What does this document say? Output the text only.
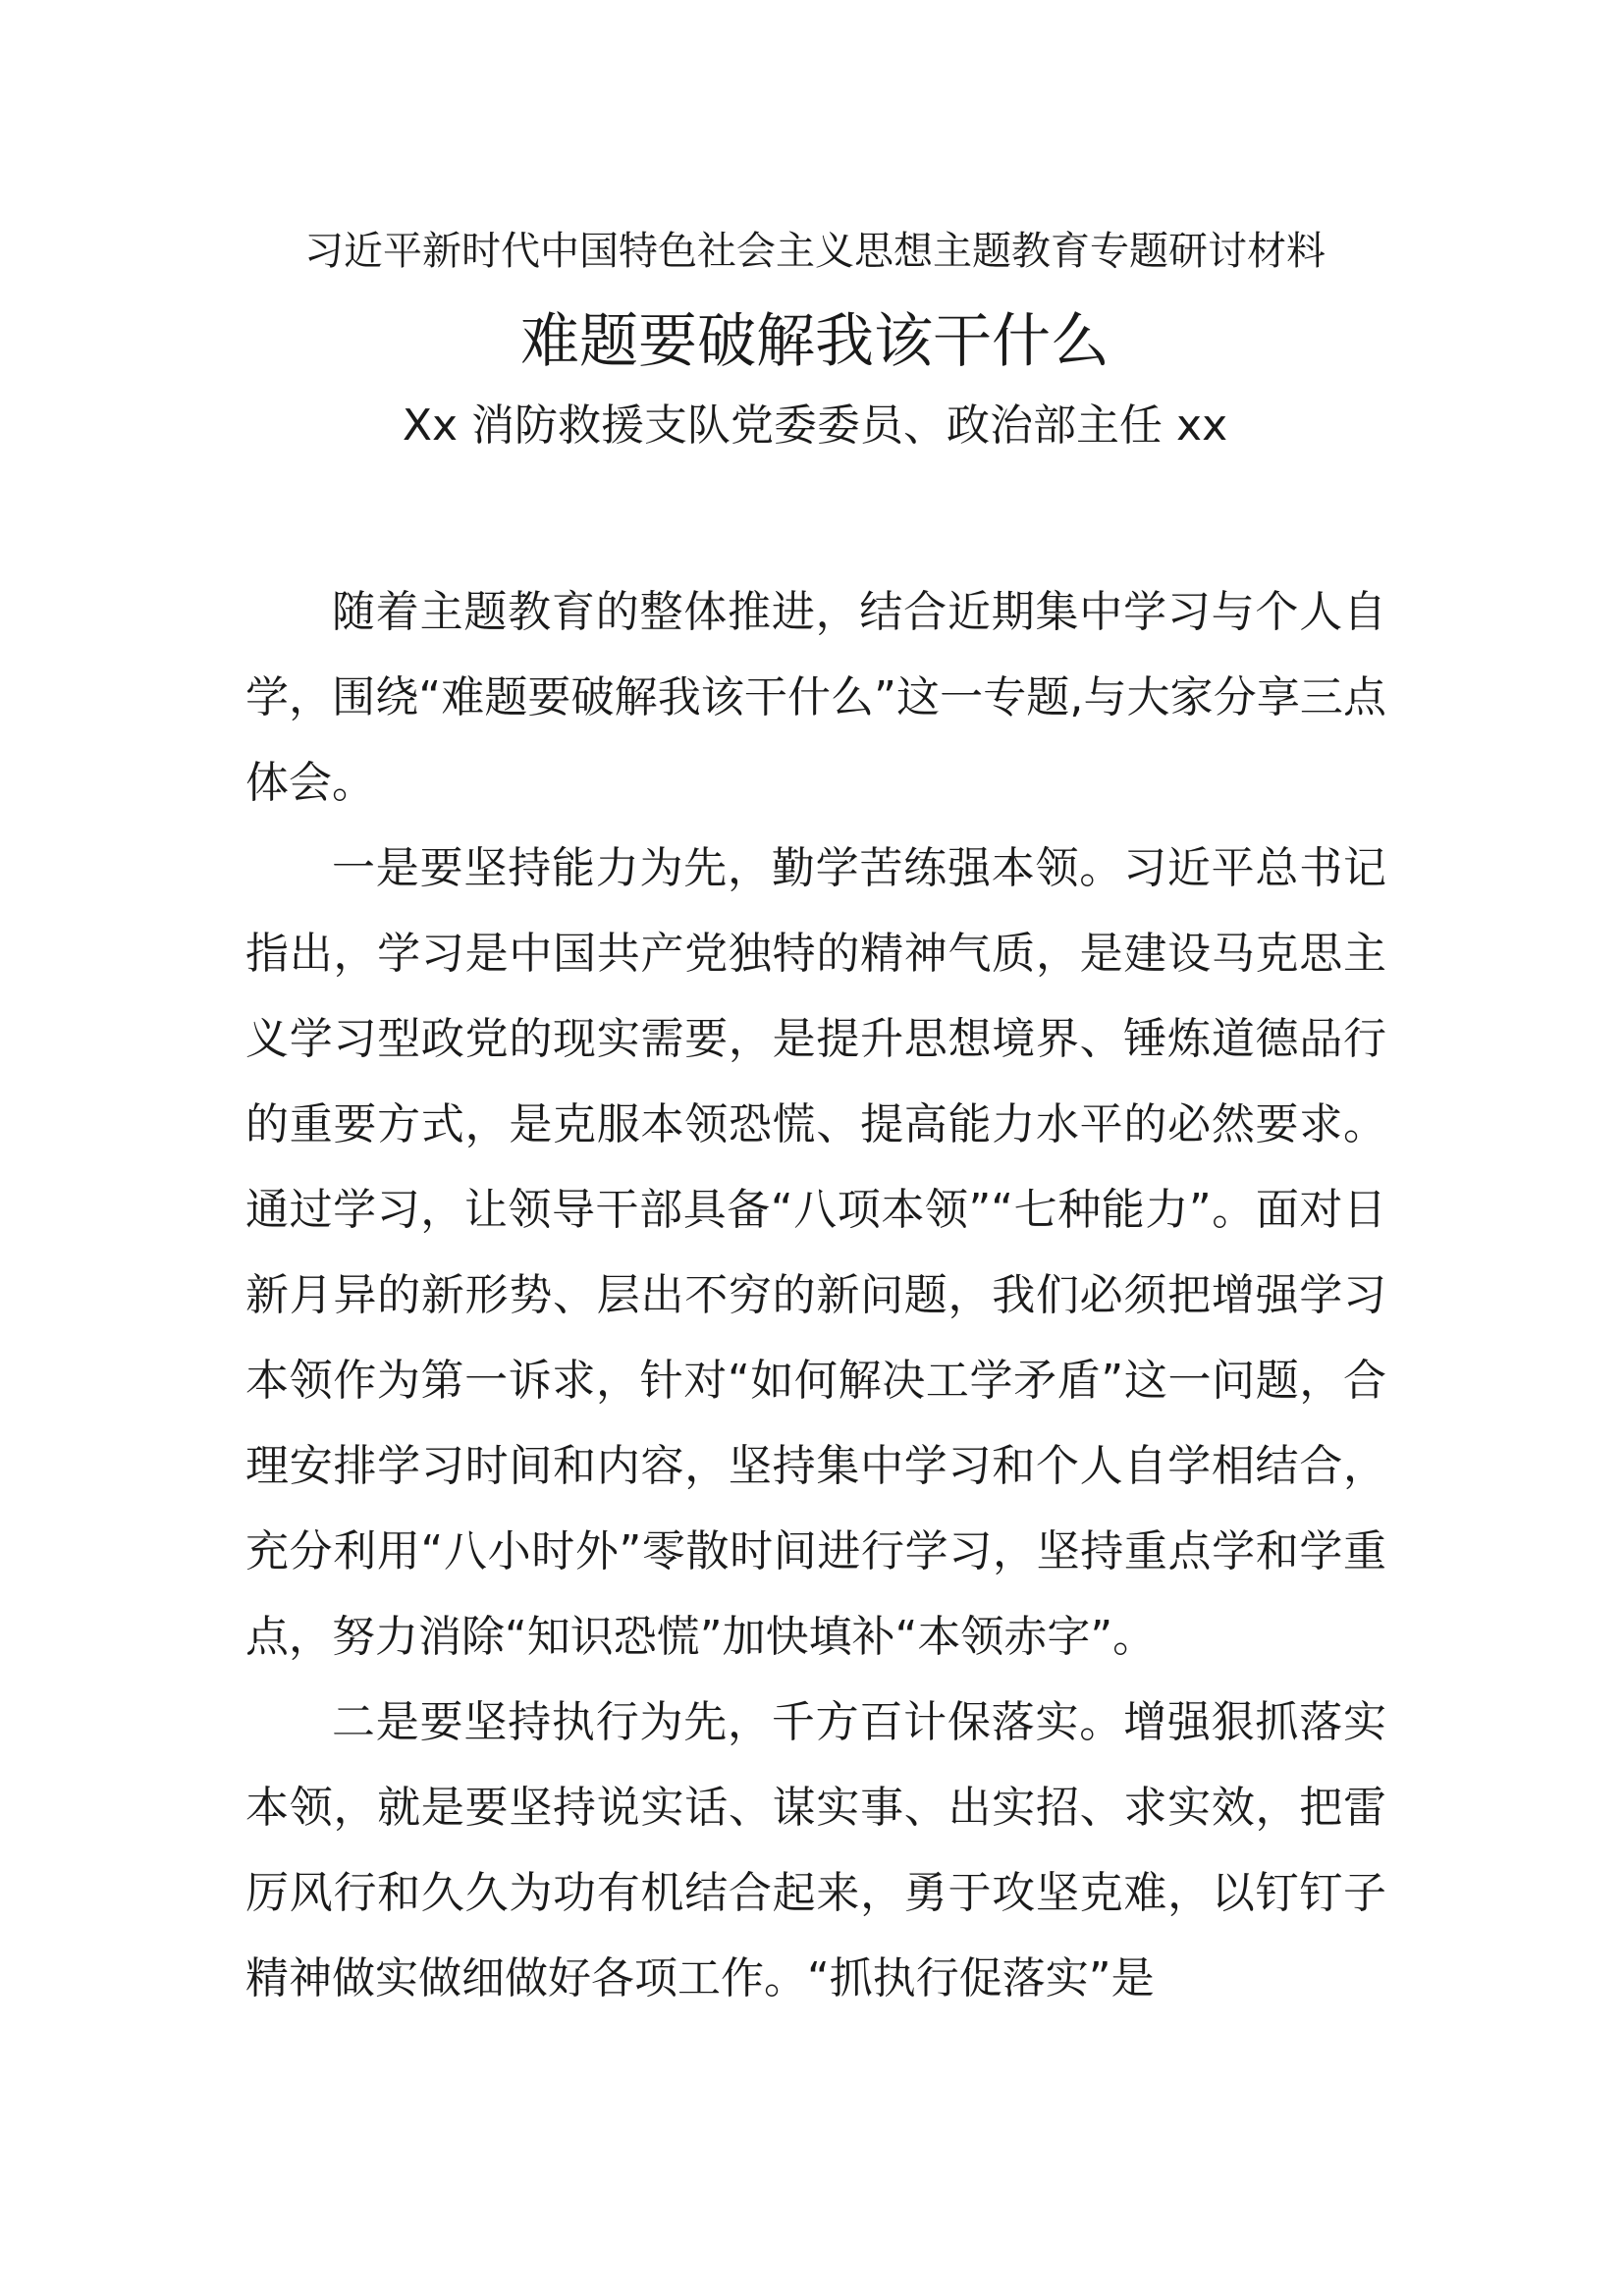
习近平新时代中国特色社会主义思想主题教育专题研讨材料
难题要破解我该干什么
Xx 消防救援支队党委委员、政治部主任 xx

随着主题教育的整体推进，结合近期集中学习与个人自学，围绕“难题要破解我该干什么”这一专题,与大家分享三点体会。

一是要坚持能力为先，勤学苦练强本领。习近平总书记指出，学习是中国共产党独特的精神气质，是建设马克思主义学习型政党的现实需要，是提升思想境界、锤炼道德品行的重要方式，是克服本领恐慌、提高能力水平的必然要求。通过学习，让领导干部具备“八项本领”“七种能力”。面对日新月异的新形势、层出不穷的新问题，我们必须把增强学习本领作为第一诉求，针对“如何解决工学矛盾”这一问题，合理安排学习时间和内容，坚持集中学习和个人自学相结合，充分利用“八小时外”零散时间进行学习，坚持重点学和学重点，努力消除“知识恐慌”加快填补“本领赤字”。

二是要坚持执行为先，千方百计保落实。增强狠抓落实本领，就是要坚持说实话、谋实事、出实招、求实效，把雷厉风行和久久为功有机结合起来，勇于攻坚克难，以钉钉子精神做实做细做好各项工作。“抓执行促落实”是
